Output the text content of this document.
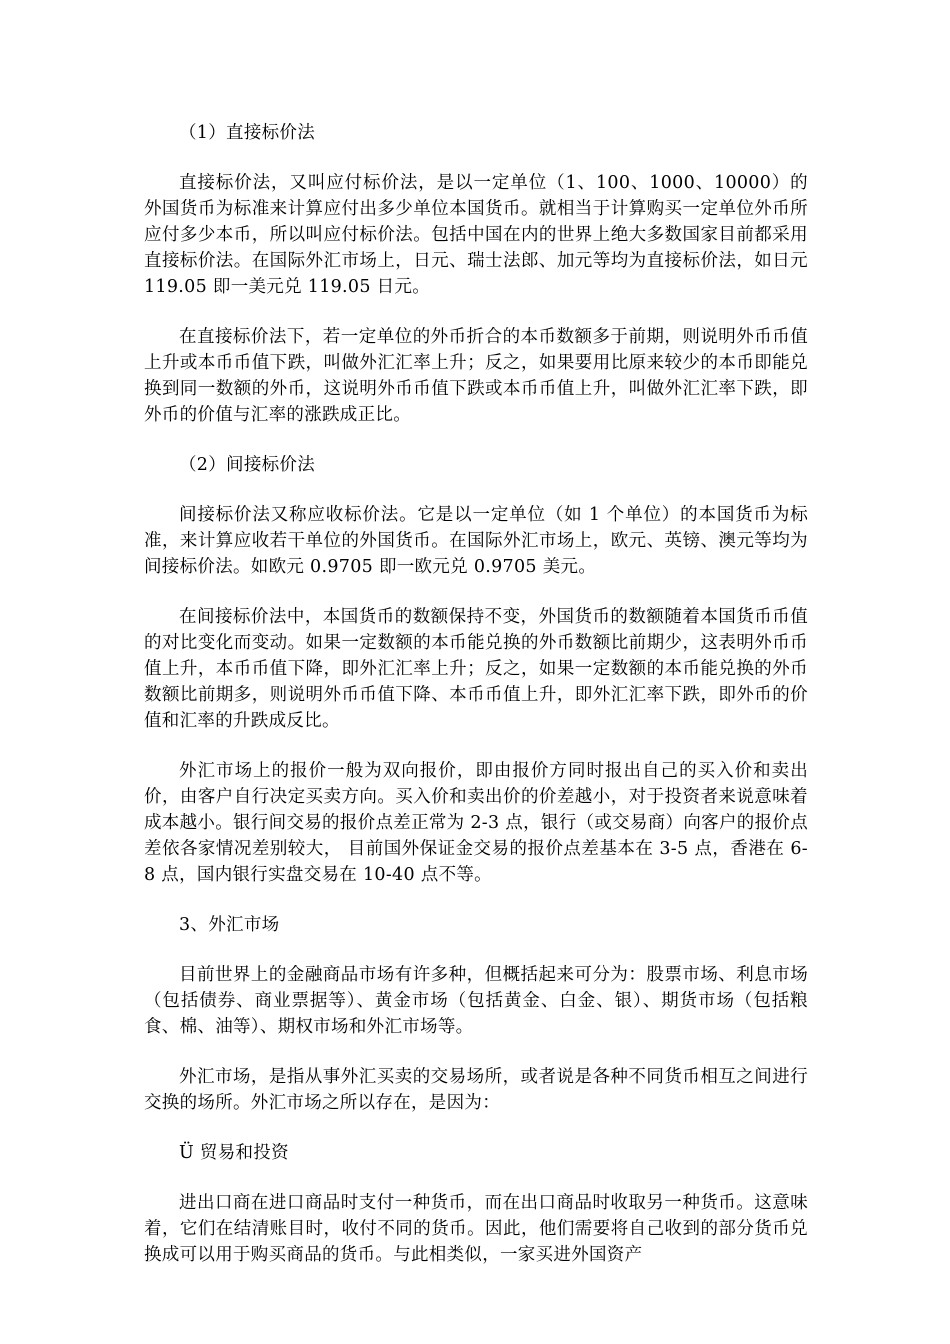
（1）直接标价法

直接标价法，又叫应付标价法，是以一定单位（1、100、1000、10000）的外国货币为标准来计算应付出多少单位本国货币。就相当于计算购买一定单位外币所应付多少本币，所以叫应付标价法。包括中国在内的世界上绝大多数国家目前都采用直接标价法。在国际外汇市场上，日元、瑞士法郎、加元等均为直接标价法，如日元 119.05 即一美元兑 119.05 日元。

在直接标价法下，若一定单位的外币折合的本币数额多于前期，则说明外币币值上升或本币币值下跌，叫做外汇汇率上升；反之，如果要用比原来较少的本币即能兑换到同一数额的外币，这说明外币币值下跌或本币币值上升，叫做外汇汇率下跌，即外币的价值与汇率的涨跌成正比。

（2）间接标价法

间接标价法又称应收标价法。它是以一定单位（如 1 个单位）的本国货币为标准，来计算应收若干单位的外国货币。在国际外汇市场上，欧元、英镑、澳元等均为间接标价法。如欧元 0.9705 即一欧元兑 0.9705 美元。

在间接标价法中，本国货币的数额保持不变，外国货币的数额随着本国货币币值的对比变化而变动。如果一定数额的本币能兑换的外币数额比前期少，这表明外币币值上升，本币币值下降，即外汇汇率上升；反之，如果一定数额的本币能兑换的外币数额比前期多，则说明外币币值下降、本币币值上升，即外汇汇率下跌，即外币的价值和汇率的升跌成反比。

外汇市场上的报价一般为双向报价，即由报价方同时报出自己的买入价和卖出价，由客户自行决定买卖方向。买入价和卖出价的价差越小，对于投资者来说意味着成本越小。银行间交易的报价点差正常为 2-3 点，银行（或交易商）向客户的报价点差依各家情况差别较大， 目前国外保证金交易的报价点差基本在 3-5 点，香港在 6-8 点，国内银行实盘交易在 10-40 点不等。

3、外汇市场

目前世界上的金融商品市场有许多种，但概括起来可分为：股票市场、利息市场（包括债券、商业票据等）、黄金市场（包括黄金、白金、银）、期货市场（包括粮食、棉、油等）、期权市场和外汇市场等。

外汇市场，是指从事外汇买卖的交易场所，或者说是各种不同货币相互之间进行交换的场所。外汇市场之所以存在，是因为：

Ü 贸易和投资

进出口商在进口商品时支付一种货币，而在出口商品时收取另一种货币。这意味着，它们在结清账目时，收付不同的货币。因此，他们需要将自己收到的部分货币兑换成可以用于购买商品的货币。与此相类似，一家买进外国资产
